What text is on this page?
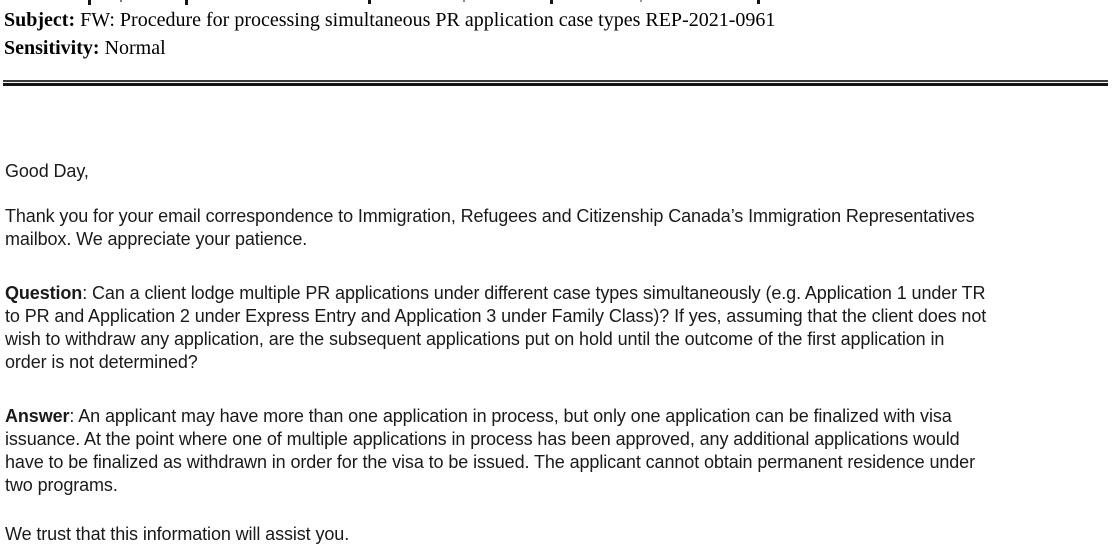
Subject: FW: Procedure for processing simultaneous PR application case types REP-2021-0961
Sensitivity: Normal
Good Day,
Thank you for your email correspondence to Immigration, Refugees and Citizenship Canada’s Immigration Representatives
mailbox. We appreciate your patience.
Question: Can a client lodge multiple PR applications under different case types simultaneously (e.g. Application 1 under TR
to PR and Application 2 under Express Entry and Application 3 under Family Class)? If yes, assuming that the client does not
wish to withdraw any application, are the subsequent applications put on hold until the outcome of the first application in
order is not determined?
Answer: An applicant may have more than one application in process, but only one application can be finalized with visa
issuance. At the point where one of multiple applications in process has been approved, any additional applications would
have to be finalized as withdrawn in order for the visa to be issued. The applicant cannot obtain permanent residence under
two programs.
We trust that this information will assist you.
